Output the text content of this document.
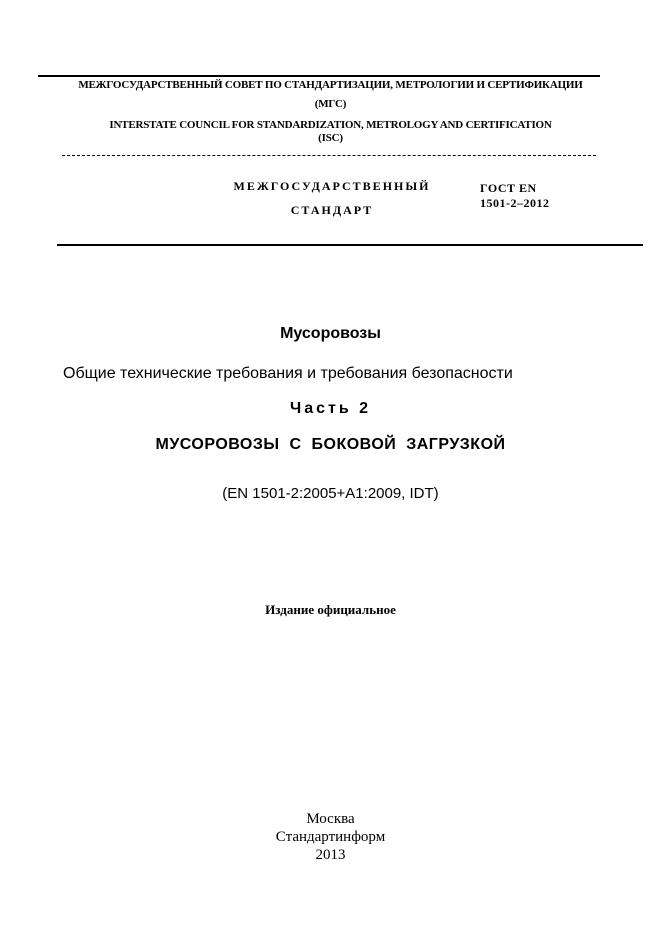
МЕЖГОСУДАРСТВЕННЫЙ СОВЕТ ПО СТАНДАРТИЗАЦИИ, МЕТРОЛОГИИ И СЕРТИФИКАЦИИ
(МГС)
INTERSTATE COUNCIL FOR STANDARDIZATION, METROLOGY AND CERTIFICATION
(ISC)
МЕЖГОСУДАРСТВЕННЫЙ
СТАНДАРТ
ГОСТ EN
1501-2–2012
Мусоровозы
Общие технические требования и требования безопасности
Часть 2
МУСОРОВОЗЫ С БОКОВОЙ ЗАГРУЗКОЙ
(EN 1501-2:2005+A1:2009, IDT)
Издание официальное
Москва
Стандартинформ
2013
